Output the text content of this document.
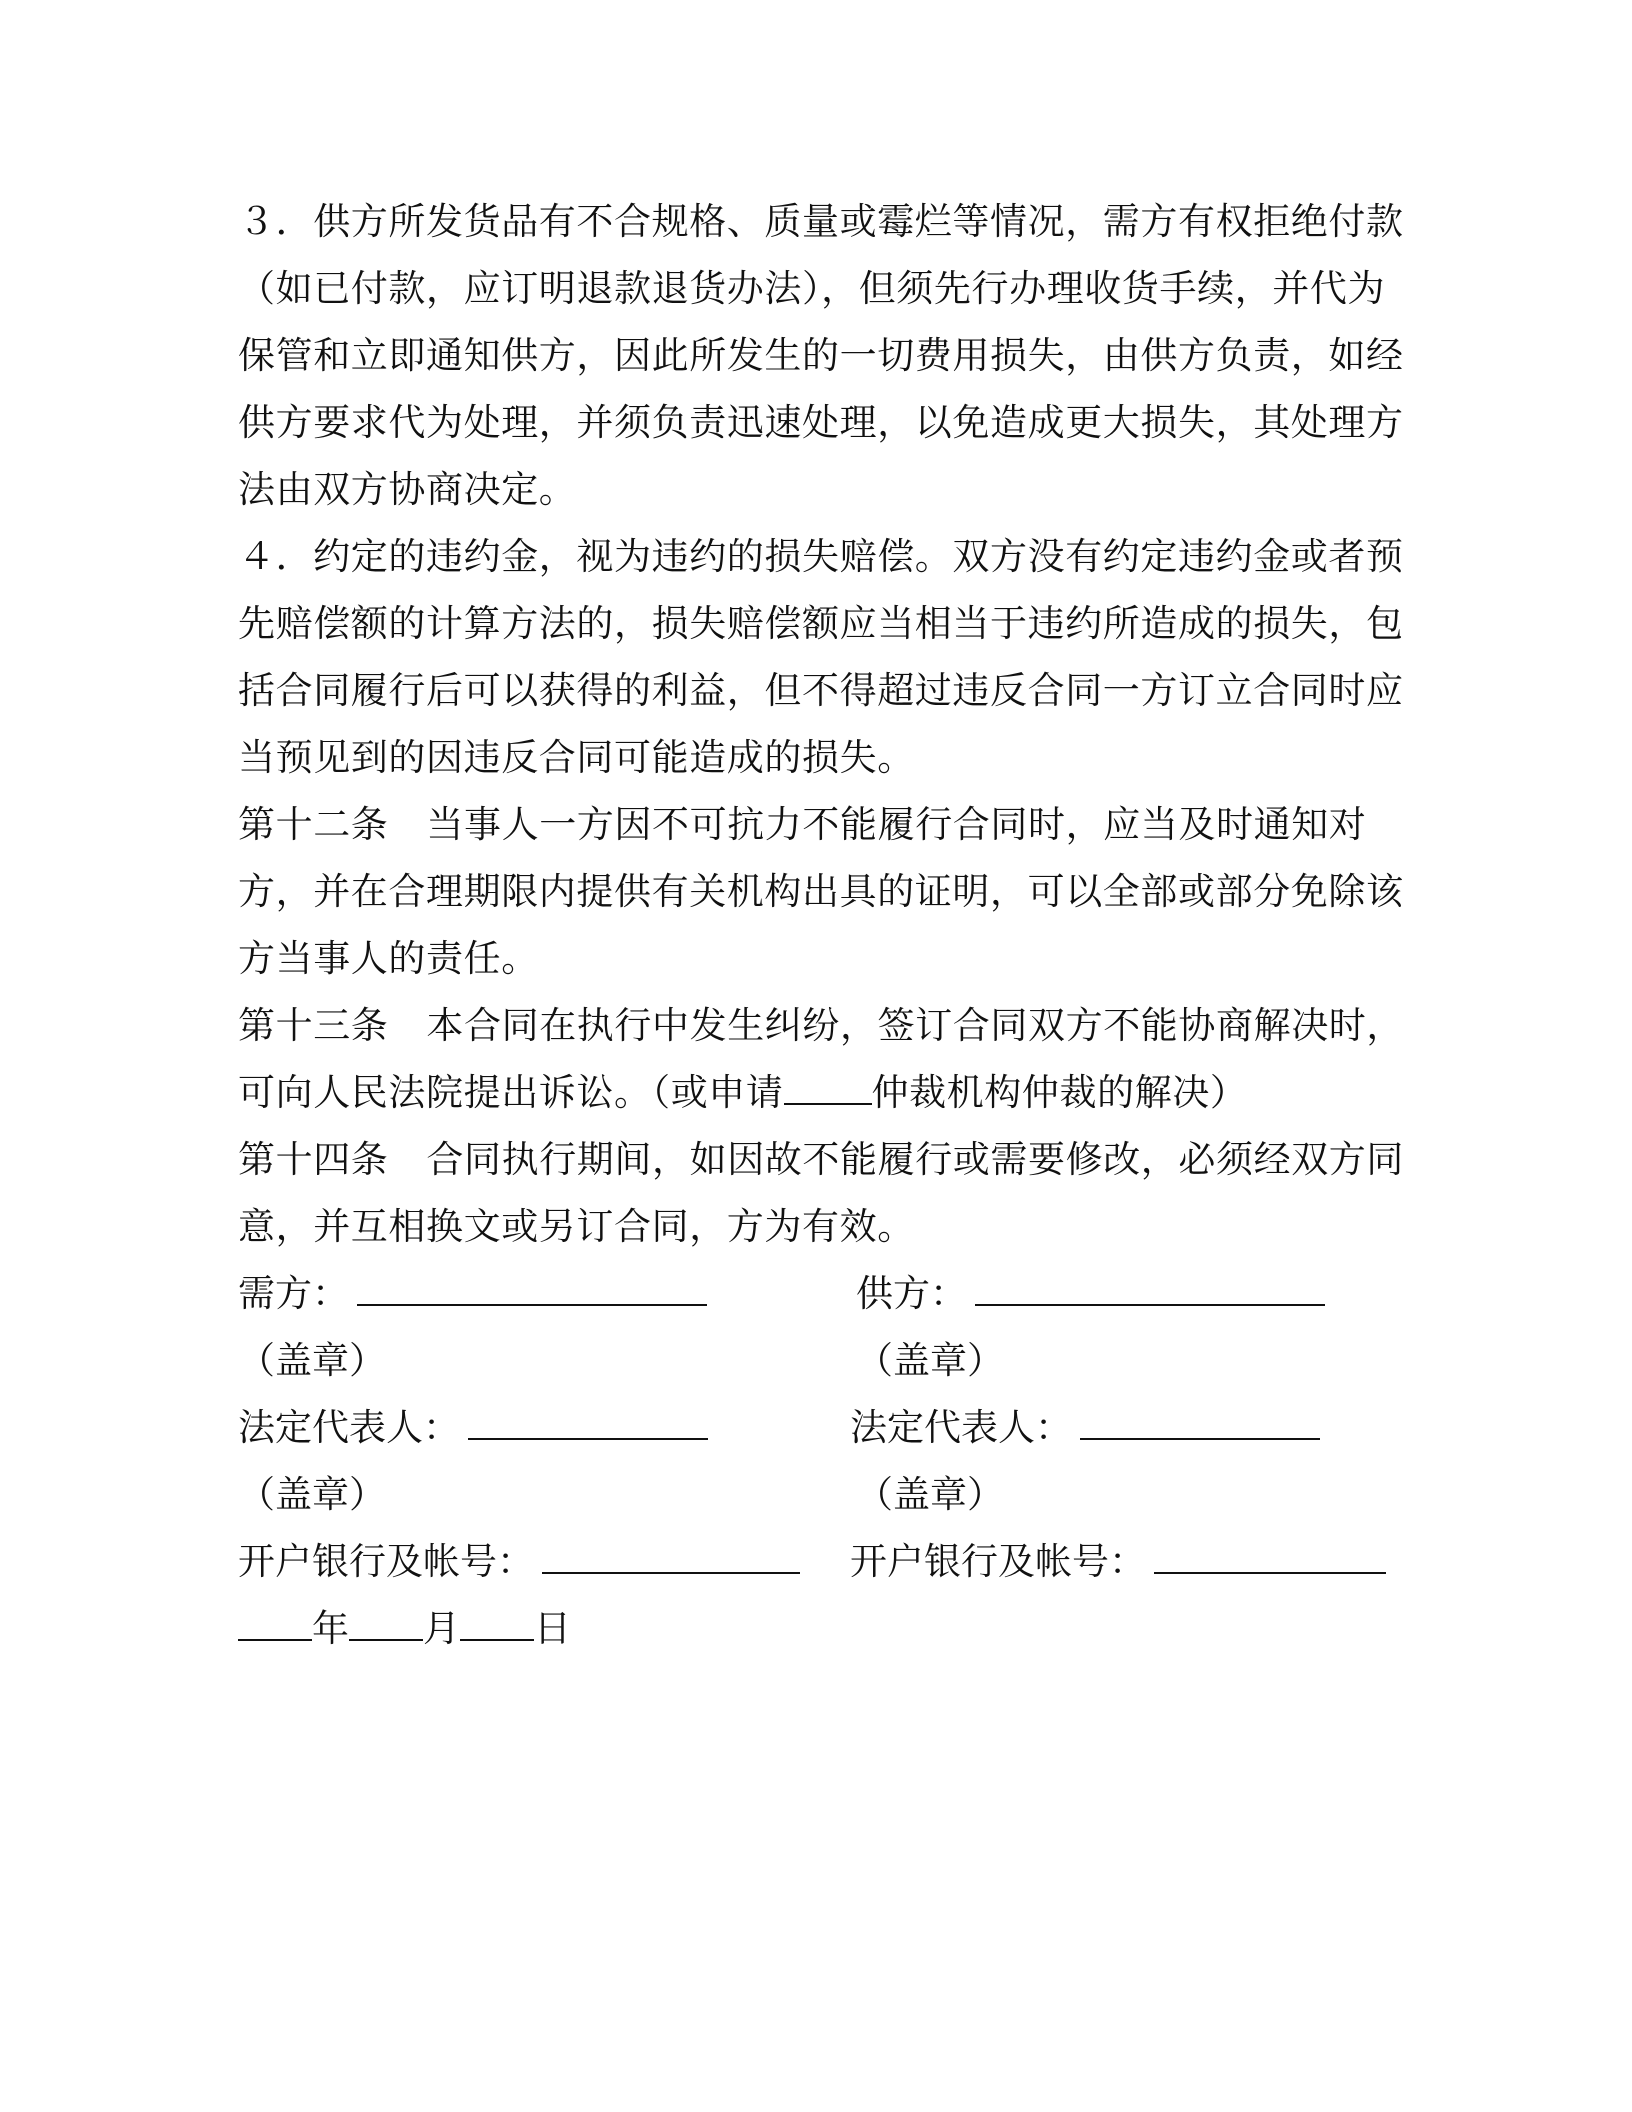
３．供方所发货品有不合规格、质量或霉烂等情况，需方有权拒绝付款
（如已付款，应订明退款退货办法），但须先行办理收货手续，并代为
保管和立即通知供方，因此所发生的一切费用损失，由供方负责，如经
供方要求代为处理，并须负责迅速处理，以免造成更大损失，其处理方
法由双方协商决定。
４．约定的违约金，视为违约的损失赔偿。双方没有约定违约金或者预
先赔偿额的计算方法的，损失赔偿额应当相当于违约所造成的损失，包
括合同履行后可以获得的利益，但不得超过违反合同一方订立合同时应
当预见到的因违反合同可能造成的损失。
第十二条 当事人一方因不可抗力不能履行合同时，应当及时通知对
方，并在合理期限内提供有关机构出具的证明，可以全部或部分免除该
方当事人的责任。
第十三条 本合同在执行中发生纠纷，签订合同双方不能协商解决时，
可向人民法院提出诉讼。（或申请 仲裁机构仲裁的解决）
第十四条 合同执行期间，如因故不能履行或需要修改，必须经双方同
意，并互相换文或另订合同，方为有效。
需方：	供方：
（盖章）	（盖章）
法定代表人：	法定代表人：
（盖章）	（盖章）
开户银行及帐号：	开户银行及帐号：
年 月 日
